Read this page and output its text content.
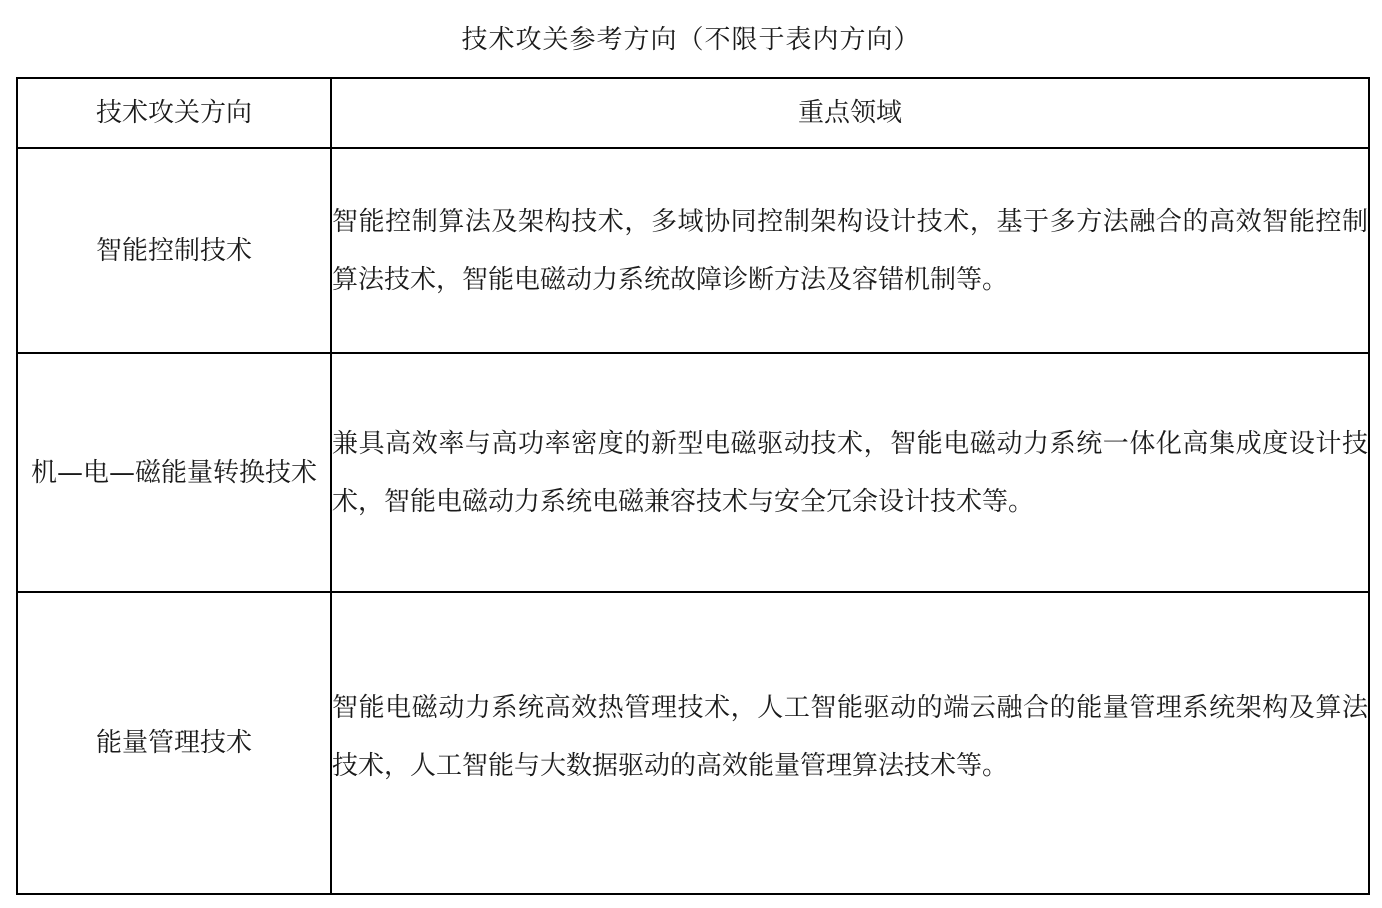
技术攻关参考方向（不限于表内方向）
技术攻关方向	重点领域
智能控制技术	智能控制算法及架构技术，多域协同控制架构设计技术，基于多方法融合的高效智能控制算法技术，智能电磁动力系统故障诊断方法及容错机制等。
机—电—磁能量转换技术	兼具高效率与高功率密度的新型电磁驱动技术，智能电磁动力系统一体化高集成度设计技术，智能电磁动力系统电磁兼容技术与安全冗余设计技术等。
能量管理技术	智能电磁动力系统高效热管理技术，人工智能驱动的端云融合的能量管理系统架构及算法技术，人工智能与大数据驱动的高效能量管理算法技术等。
